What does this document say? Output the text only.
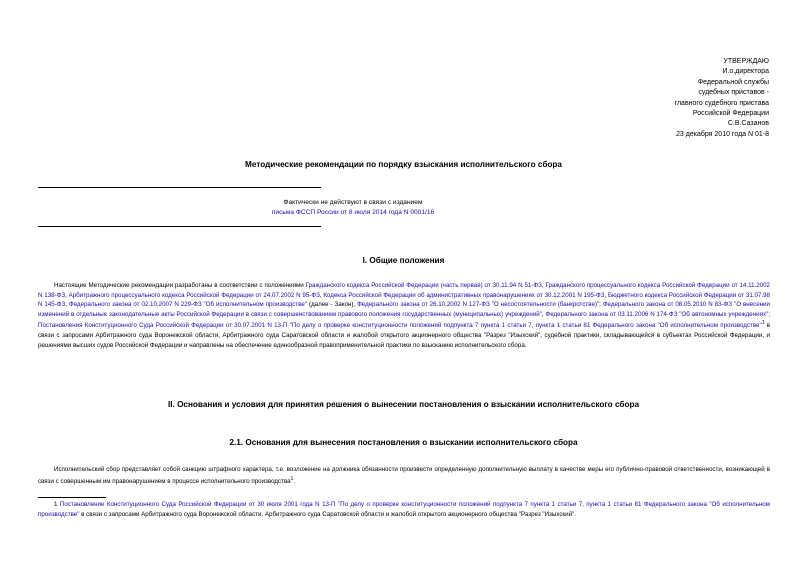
УТВЕРЖДАЮ
И.о.директора
Федеральной службы
судебных приставов -
главного судебного пристава
Российской Федерации
С.В.Сазанов
23 декабря 2010 года N 01-8
Методические рекомендации по порядку взыскания исполнительского сбора
Фактически не действуют в связи с изданием
письма ФССП России от 8 июля 2014 года N 0001/16
I. Общие положения
Настоящие Методические рекомендации разработаны в соответствии с положениями Гражданского кодекса Российской Федерации (часть первая) от 30.11.94 N 51-ФЗ, Гражданского процессуального кодекса Российской Федерации от 14.11.2002 N 138-ФЗ, Арбитражного процессуального кодекса Российской Федерации от 24.07.2002 N 95-ФЗ, Кодекса Российской Федерации об административных правонарушениях от 30.12.2001 N 195-ФЗ, Бюджетного кодекса Российской Федерации от 31.07.98 N 145-ФЗ, Федерального закона от 02.10.2007 N 229-ФЗ "Об исполнительном производстве" (далее - Закон), Федерального закона от 26.10.2002 N 127-ФЗ "О несостоятельности (банкротстве)"; Федерального закона от 08.05.2010 N 83-ФЗ "О внесении изменений в отдельные законодательные акты Российской Федерации в связи с совершенствованием правового положения государственных (муниципальных) учреждений", Федерального закона от 03.11.2006 N 174-ФЗ "Об автономных учреждениях"; Постановления Конституционного Суда Российской Федерации от 30.07.2001 N 13-П "По делу о проверке конституционности положений подпункта 7 пункта 1 статьи 7, пункта 1 статьи 81 Федерального закона "Об исполнительном производстве"$^1$ в связи с запросами Арбитражного суда Воронежской области, Арбитражного суда Саратовской области и жалобой открытого акционерного общества "Разрез "Изыхский", судебной практики, складывающейся в субъектах Российской Федерации, и решениями высших судов Российской Федерации и направлены на обеспечение единообразной правоприменительной практики по взысканию исполнительского сбора.
II. Основания и условия для принятия решения о вынесении постановления о взыскании исполнительского сбора
2.1. Основания для вынесения постановления о взыскании исполнительского сбора
Исполнительский сбор представляет собой санкцию штрафного характера, т.е. возложение на должника обязанности произвести определенную дополнительную выплату в качестве меры его публично-правовой ответственности, возникающей в связи с совершенным им правонарушением в процессе исполнительного производства$^1$.
1 Постановление Конституционного Суда Российской Федерации от 30 июля 2001 года N 13-П "По делу о проверке конституционности положений подпункта 7 пункта 1 статьи 7, пункта 1 статьи 81 Федерального закона "Об исполнительном производстве" в связи с запросами Арбитражного суда Воронежской области, Арбитражного суда Саратовской области и жалобой открытого акционерного общества "Разрез "Изыхский".
